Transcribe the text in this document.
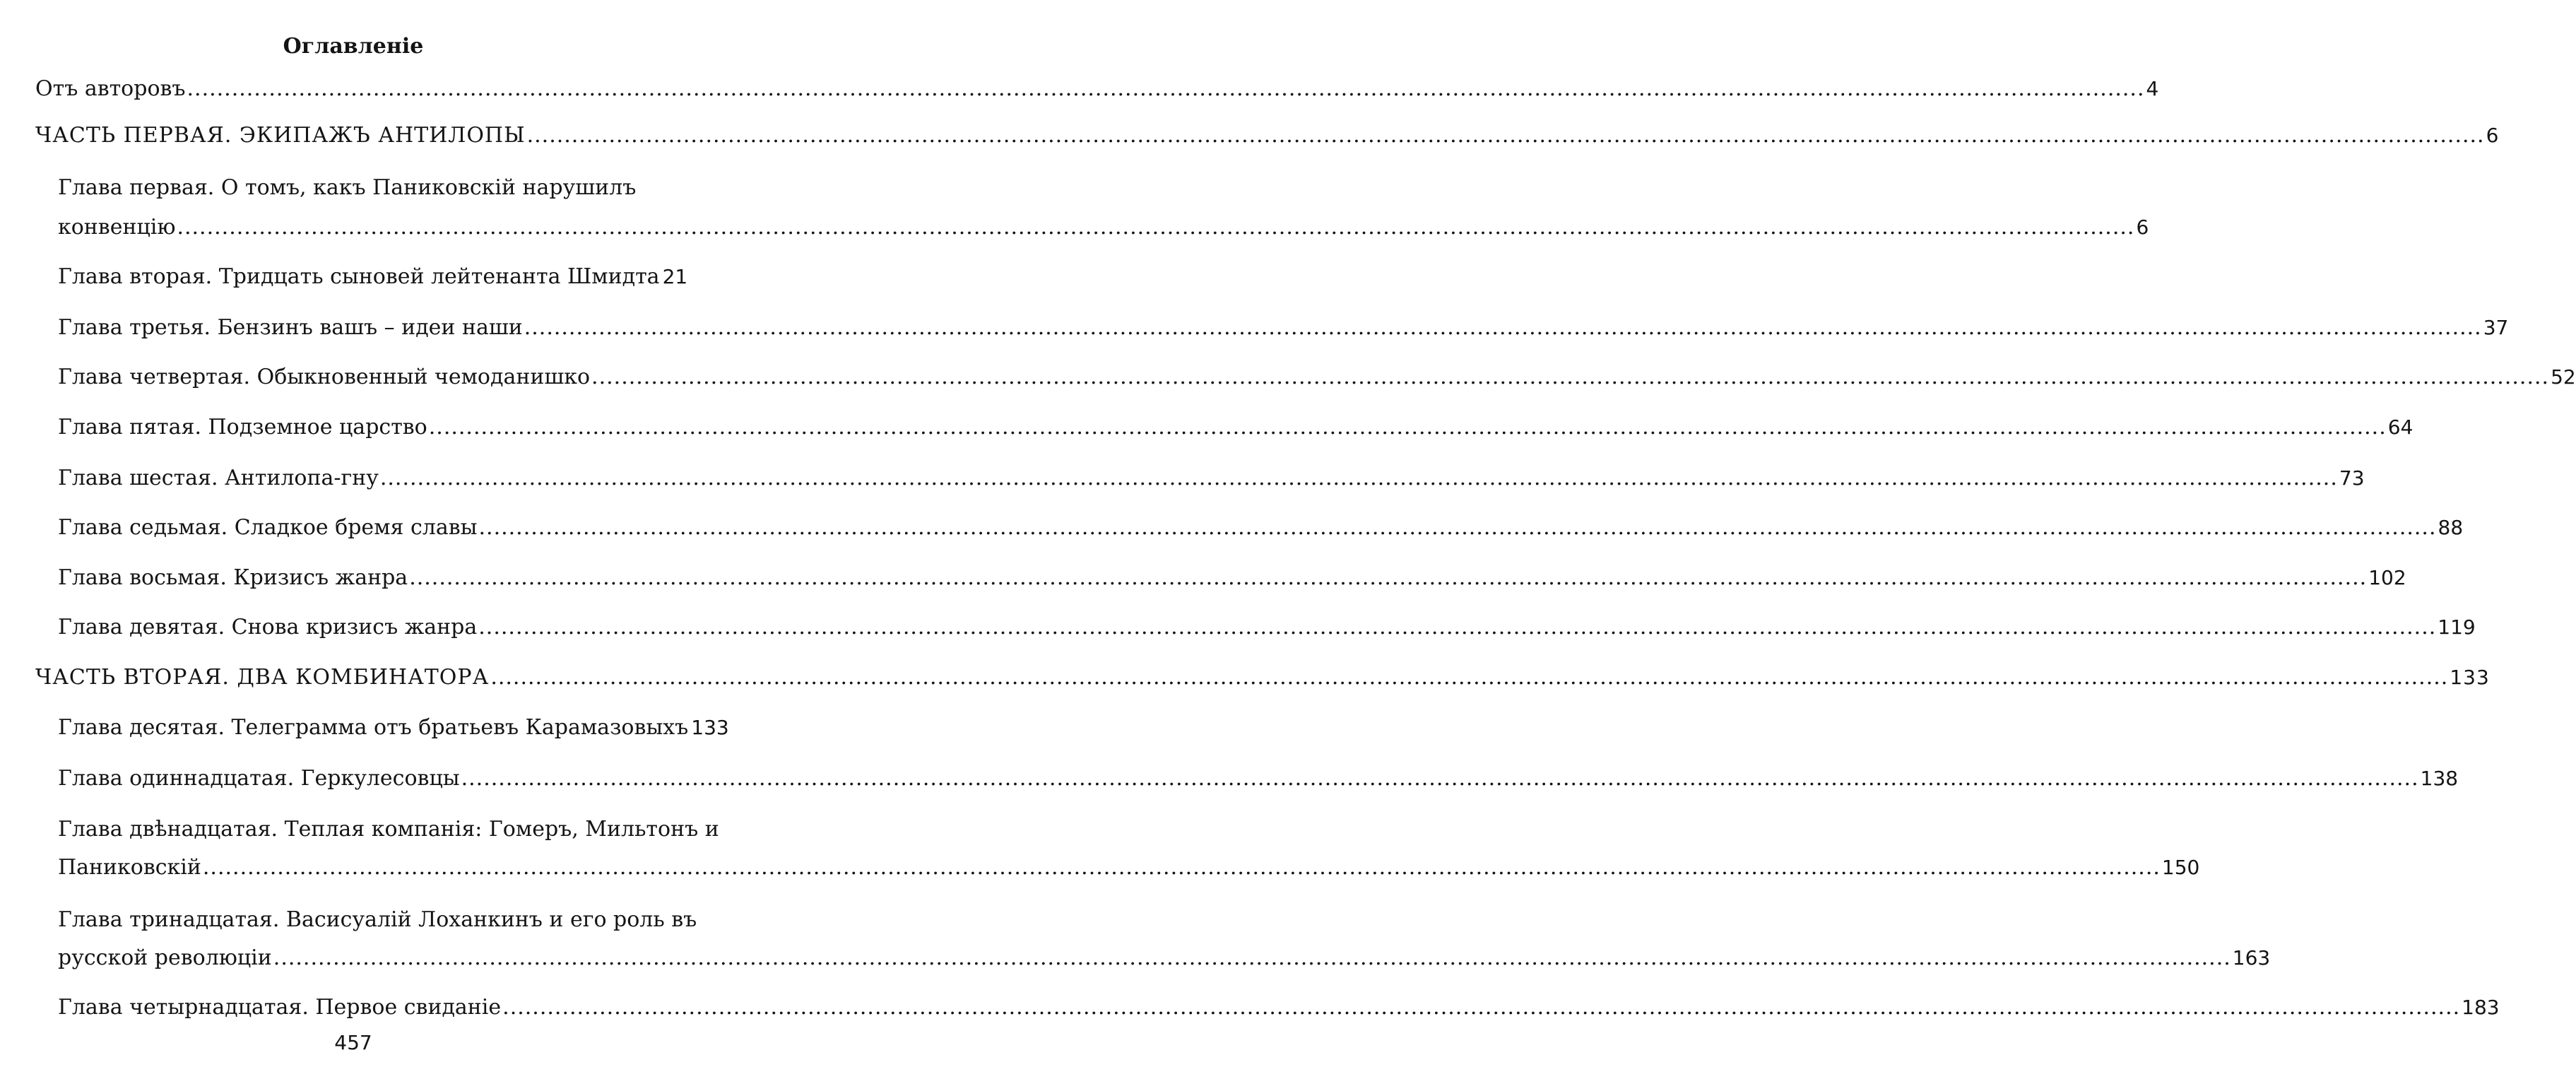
Оглавленіе
Отъ авторовъ .....	4
ЧАСТЬ ПЕРВАЯ. ЭКИПАЖЪ АНТИЛОПЫ .....	6
Глава первая. О томъ, какъ Паниковскій нарушилъ
конвенцію .....	6
Глава вторая. Тридцать сыновей лейтенанта Шмидта 21
Глава третья. Бензинъ вашъ – идеи наши .....	37
Глава четвертая. Обыкновенный чемоданишко .....	52
Глава пятая. Подземное царство .....	64
Глава шестая. Антилопа-гну .....	73
Глава седьмая. Сладкое бремя славы .....	88
Глава восьмая. Кризисъ жанра .....	102
Глава девятая. Снова кризисъ жанра .....	119
ЧАСТЬ ВТОРАЯ. ДВА КОМБИНАТОРА .....	133
Глава десятая. Телеграмма отъ братьевъ Карамазовыхъ 133
Глава одиннадцатая. Геркулесовцы .....	138
Глава двѣнадцатая. Теплая компанія: Гомеръ, Мильтонъ и
Паниковскій .....	150
Глава тринадцатая. Васисуалій Лоханкинъ и его роль въ
русской революціи .....	163
Глава четырнадцатая. Первое свиданіе .....	183
457
